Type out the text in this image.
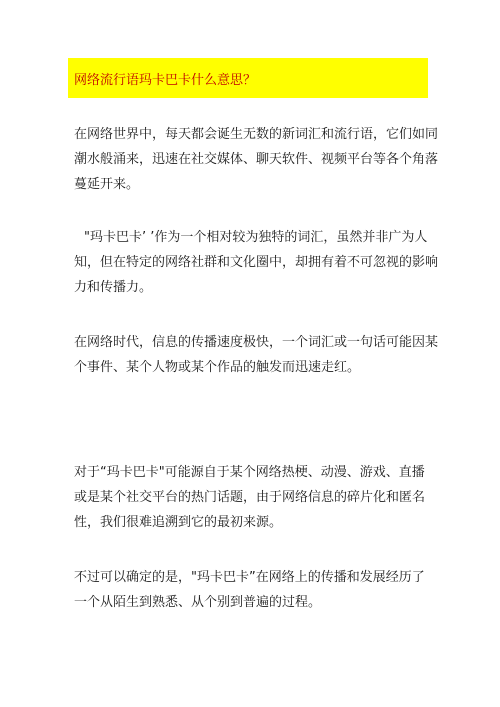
网络流行语玛卡巴卡什么意思？

在网络世界中，每天都会诞生无数的新词汇和流行语，它们如同
潮水般涌来，迅速在社交媒体、聊天软件、视频平台等各个角落
蔓延开来。

"玛卡巴卡’ ’作为一个相对较为独特的词汇，虽然并非广为人
知，但在特定的网络社群和文化圈中，却拥有着不可忽视的影响
力和传播力。

在网络时代，信息的传播速度极快，一个词汇或一句话可能因某
个事件、某个人物或某个作品的触发而迅速走红。

对于“玛卡巴卡"可能源自于某个网络热梗、动漫、游戏、直播
或是某个社交平台的热门话题，由于网络信息的碎片化和匿名
性，我们很难追溯到它的最初来源。

不过可以确定的是，"玛卡巴卡”在网络上的传播和发展经历了
一个从陌生到熟悉、从个别到普遍的过程。
